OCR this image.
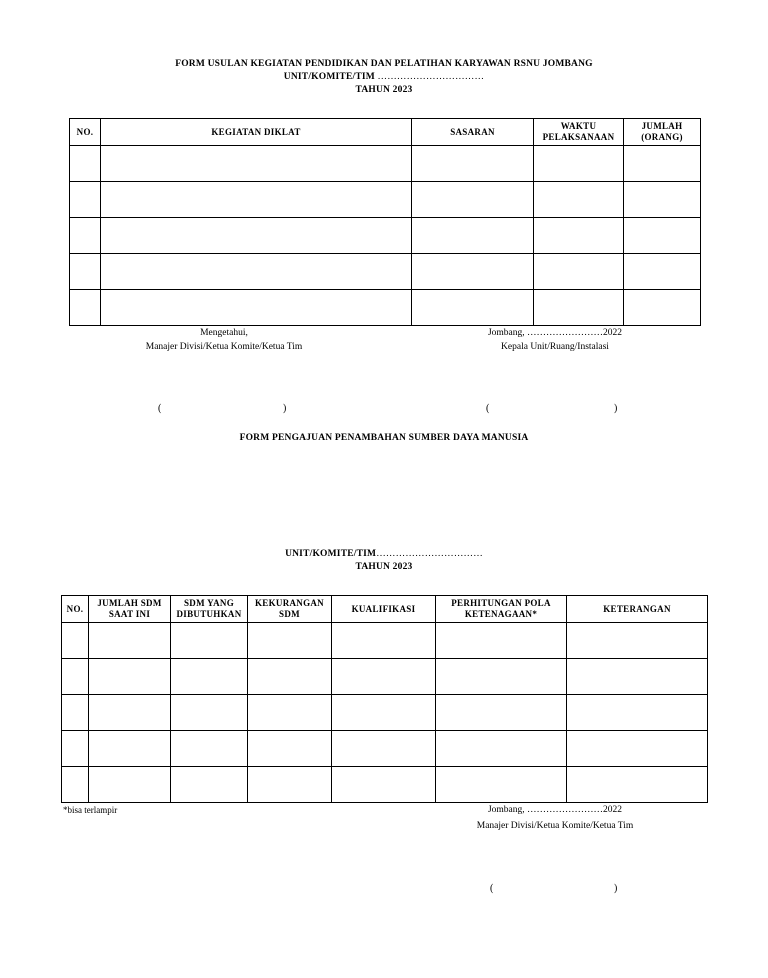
FORM USULAN KEGIATAN PENDIDIKAN DAN PELATIHAN KARYAWAN RSNU JOMBANG
UNIT/KOMITE/TIM ……………………………
TAHUN 2023
NO.	KEGIATAN DIKLAT	SASARAN	WAKTU PELAKSANAAN	JUMLAH (ORANG)

Mengetahui,
Manajer Divisi/Ketua Komite/Ketua Tim
Jombang, ……………………2022
Kepala Unit/Ruang/Instalasi
(	)	(	)
FORM PENGAJUAN PENAMBAHAN SUMBER DAYA MANUSIA
UNIT/KOMITE/TIM……………………………
TAHUN 2023
NO.	JUMLAH SDM SAAT INI	SDM YANG DIBUTUHKAN	KEKURANGAN SDM	KUALIFIKASI	PERHITUNGAN POLA KETENAGAAN*	KETERANGAN

*bisa terlampir	Jombang, ……………………2022
Manajer Divisi/Ketua Komite/Ketua Tim
(	)
